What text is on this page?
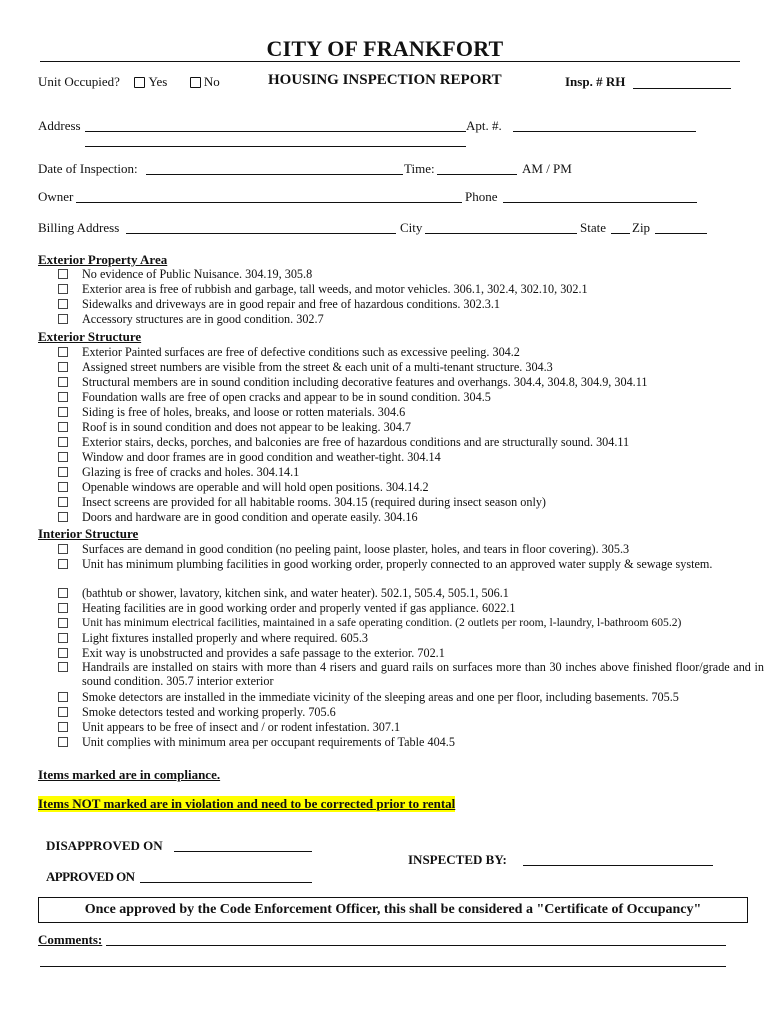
CITY OF FRANKFORT
Unit Occupied? Yes	No	HOUSING INSPECTION REPORT	Insp. # RH
Address	Apt. #.
Date of Inspection:	Time:	AM / PM
Owner	Phone
Billing Address	City	State Zip
Exterior Property Area
No evidence of Public Nuisance. 304.19, 305.8
Exterior area is free of rubbish and garbage, tall weeds, and motor vehicles. 306.1, 302.4, 302.10, 302.1
Sidewalks and driveways are in good repair and free of hazardous conditions. 302.3.1
Accessory structures are in good condition. 302.7
Exterior Structure
Exterior Painted surfaces are free of defective conditions such as excessive peeling. 304.2
Assigned street numbers are visible from the street & each unit of a multi-tenant structure. 304.3
Structural members are in sound condition including decorative features and overhangs. 304.4, 304.8, 304.9, 304.11
Foundation walls are free of open cracks and appear to be in sound condition. 304.5
Siding is free of holes, breaks, and loose or rotten materials. 304.6
Roof is in sound condition and does not appear to be leaking. 304.7
Exterior stairs, decks, porches, and balconies are free of hazardous conditions and are structurally sound. 304.11
Window and door frames are in good condition and weather-tight. 304.14
Glazing is free of cracks and holes. 304.14.1
Openable windows are operable and will hold open positions. 304.14.2
Insect screens are provided for all habitable rooms. 304.15 (required during insect season only)
Doors and hardware are in good condition and operate easily. 304.16
Interior Structure
Surfaces are demand in good condition (no peeling paint, loose plaster, holes, and tears in floor covering). 305.3
Unit has minimum plumbing facilities in good working order, properly connected to an approved water supply & sewage system.
(bathtub or shower, lavatory, kitchen sink, and water heater). 502.1, 505.4, 505.1, 506.1
Heating facilities are in good working order and properly vented if gas appliance. 6022.1
Unit has minimum electrical facilities, maintained in a safe operating condition. (2 outlets per room, l-laundry, l-bathroom 605.2)
Light fixtures installed properly and where required. 605.3
Exit way is unobstructed and provides a safe passage to the exterior. 702.1
Handrails are installed on stairs with more than 4 risers and guard rails on surfaces more than 30 inches above finished floor/grade and in sound condition. 305.7 interior exterior
Smoke detectors are installed in the immediate vicinity of the sleeping areas and one per floor, including basements. 705.5
Smoke detectors tested and working properly. 705.6
Unit appears to be free of insect and / or rodent infestation. 307.1
Unit complies with minimum area per occupant requirements of Table 404.5
Items marked are in compliance.
Items NOT marked are in violation and need to be corrected prior to rental
DISAPPROVED ON
INSPECTED BY:
APPROVED ON
Once approved by the Code Enforcement Officer, this shall be considered a "Certificate of Occupancy"
Comments:
